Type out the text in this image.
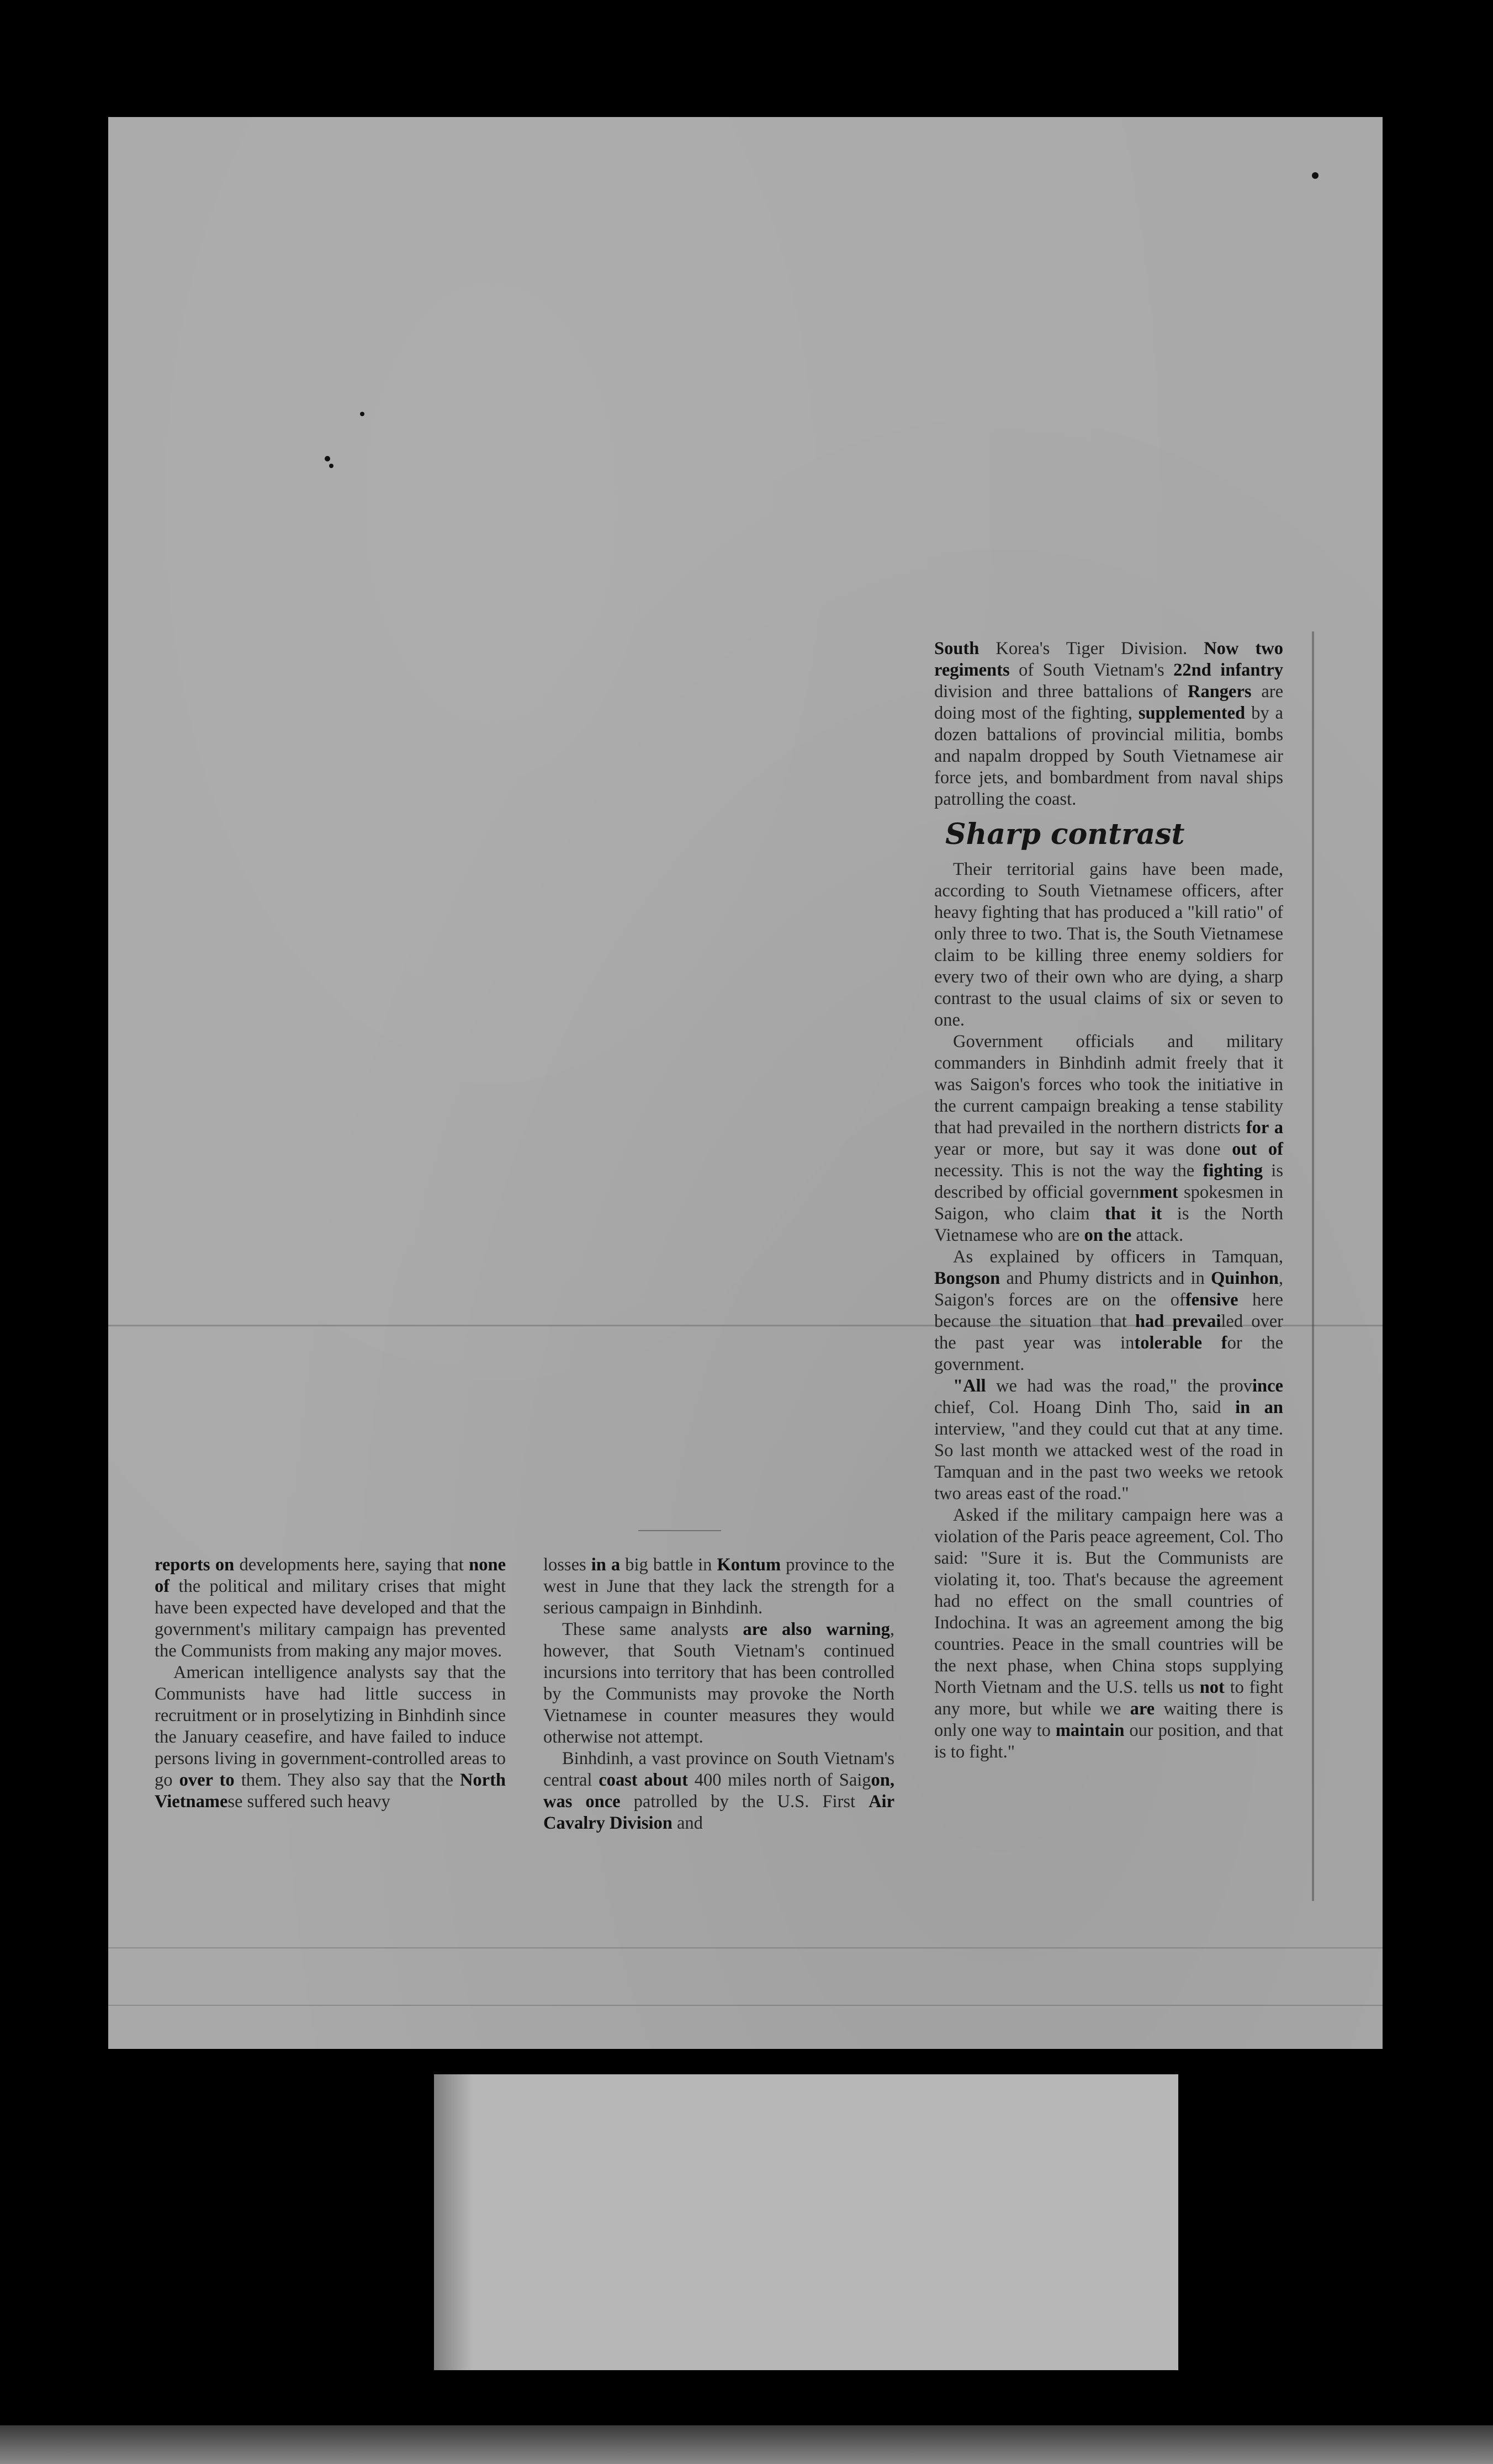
South Korea's Tiger Division. Now two regiments of South Vietnam's 22nd infantry division and three battalions of Rangers are doing most of the fighting, supplemented by a dozen battalions of provincial militia, bombs and napalm dropped by South Vietnamese air force jets, and bombardment from naval ships patrolling the coast.

Sharp contrast

Their territorial gains have been made, according to South Vietnamese officers, after heavy fighting that has produced a "kill ratio" of only three to two. That is, the South Vietnamese claim to be killing three enemy soldiers for every two of their own who are dying, a sharp contrast to the usual claims of six or seven to one.

Government officials and military commanders in Binhdinh admit freely that it was Saigon's forces who took the initiative in the current campaign breaking a tense stability that had prevailed in the northern districts for a year or more, but say it was done out of necessity. This is not the way the fighting is described by official government spokesmen in Saigon, who claim that it is the North Vietnamese who are on the attack.

As explained by officers in Tamquan, Bongson and Phumy districts and in Quinhon, Saigon's forces are on the offensive here because the situation that had prevailed over the past year was intolerable for the government.

"All we had was the road," the province chief, Col. Hoang Dinh Tho, said in an interview, "and they could cut that at any time. So last month we attacked west of the road in Tamquan and in the past two weeks we retook two areas east of the road."

Asked if the military campaign here was a violation of the Paris peace agreement, Col. Tho said: "Sure it is. But the Communists are violating it, too. That's because the agreement had no effect on the small countries of Indochina. It was an agreement among the big countries. Peace in the small countries will be the next phase, when China stops supplying North Vietnam and the U.S. tells us not to fight any more, but while we are waiting there is only one way to maintain our position, and that is to fight."

reports on developments here, saying that none of the political and military crises that might have been expected have developed and that the government's military campaign has prevented the Communists from making any major moves.

American intelligence analysts say that the Communists have had little success in recruitment or in proselytizing in Binhdinh since the January ceasefire, and have failed to induce persons living in government-controlled areas to go over to them. They also say that the North Vietnamese suffered such heavy

losses in a big battle in Kontum province to the west in June that they lack the strength for a serious campaign in Binhdinh.

These same analysts are also warning, however, that South Vietnam's continued incursions into territory that has been controlled by the Communists may provoke the North Vietnamese in counter measures they would otherwise not attempt.

Binhdinh, a vast province on South Vietnam's central coast about 400 miles north of Saigon, was once patrolled by the U.S. First Air Cavalry Division and
